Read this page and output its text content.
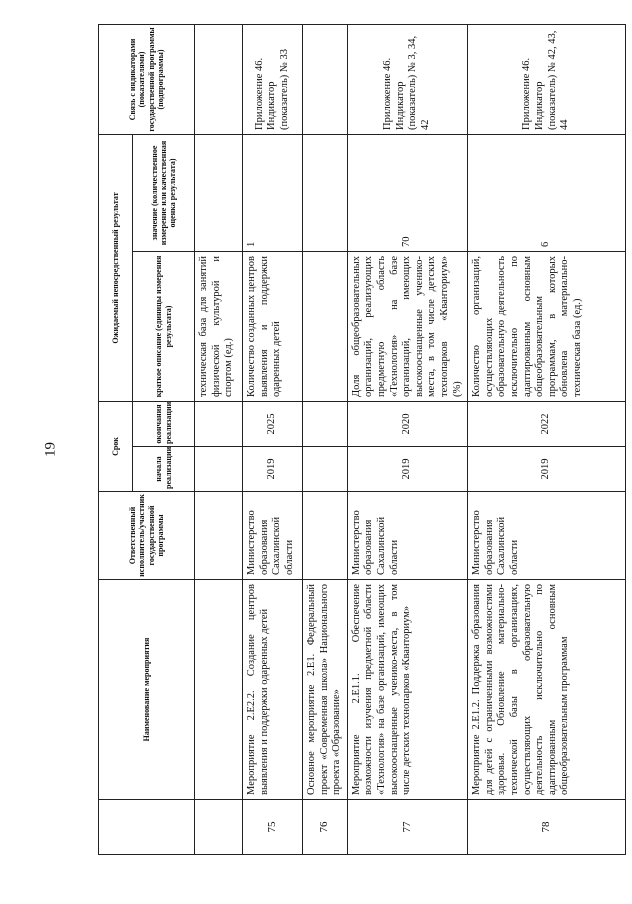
19
	Наименование мероприятия	Ответственный исполнитель/участник государственной программы	Срок		Ожидаемый непосредственный результат		Связь с индикаторами (показателями) государственной программы (подпрограммы)
			начала реализации	окончания реализации	краткое описание (единицы измерения результата)	значение (количественное измерение или качественная оценка результата)	
					техническая база для занятий физической культурой и спортом (ед.)		
75	Мероприятие 2.Е2.2. Создание центров выявления и поддержки одаренных детей	Министерство образования Сахалинской области	2019	2025	Количество созданных центров выявления и поддержки одаренных детей	1	Приложение 46. Индикатор (показатель) № 33
76	Основное мероприятие 2.Е1. Федеральный проект «Современная школа» Национального проекта «Образование»						
77	Мероприятие 2.Е1.1. Обеспечение возможности изучения предметной области «Технология» на базе организаций, имеющих высокооснащенные ученико-места, в том числе детских технопарков «Кванториум»	Министерство образования Сахалинской области	2019	2020	Доля общеобразовательных организаций, реализующих предметную область «Технология» на базе организаций, имеющих высокооснащенные ученико-места, в том числе детских технопарков «Кванториум» (%)	70	Приложение 46. Индикатор (показатель) № 3, 34, 42
78	Мероприятие 2.Е1.2. Поддержка образования для детей с ограниченными возможностями здоровья. Обновление материально-технической базы в организациях, осуществляющих образовательную деятельность исключительно по адаптированным основным общеобразовательным программам	Министерство образования Сахалинской области	2019	2022	Количество организаций, осуществляющих образовательную деятельность исключительно по адаптированным основным общеобразовательным программам, в которых обновлена материально-техническая база (ед.)	6	Приложение 46. Индикатор (показатель) № 42, 43, 44
